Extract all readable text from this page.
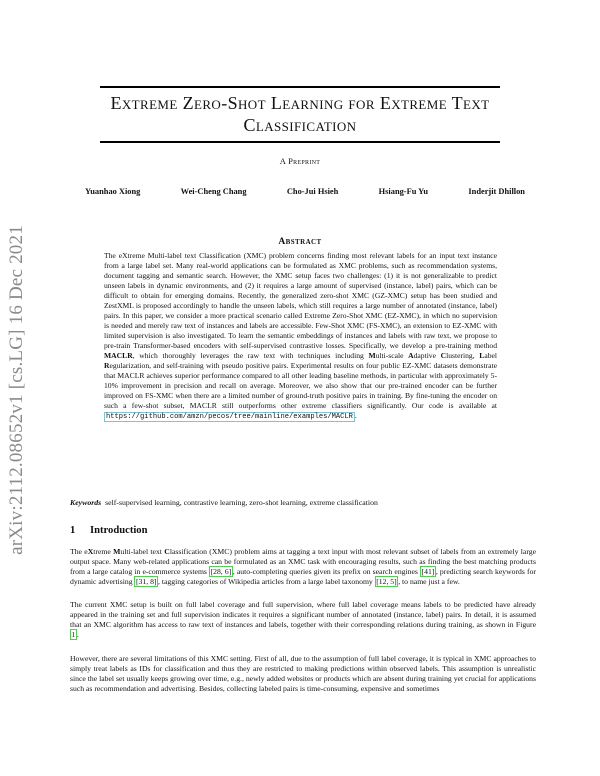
arXiv:2112.08652v1 [cs.LG] 16 Dec 2021
Extreme Zero-Shot Learning for Extreme Text
Classification
A Preprint
Yuanhao Xiong	Wei-Cheng Chang	Cho-Jui Hsieh	Hsiang-Fu Yu	Inderjit Dhillon
Abstract
The eXtreme Multi-label text Classification (XMC) problem concerns finding most relevant labels for an input text instance from a large label set. Many real-world applications can be formulated as XMC problems, such as recommendation systems, document tagging and semantic search. However, the XMC setup faces two challenges: (1) it is not generalizable to predict unseen labels in dynamic environments, and (2) it requires a large amount of supervised (instance, label) pairs, which can be difficult to obtain for emerging domains. Recently, the generalized zero-shot XMC (GZ-XMC) setup has been studied and ZestXML is proposed accordingly to handle the unseen labels, which still requires a large number of annotated (instance, label) pairs. In this paper, we consider a more practical scenario called Extreme Zero-Shot XMC (EZ-XMC), in which no supervision is needed and merely raw text of instances and labels are accessible. Few-Shot XMC (FS-XMC), an extension to EZ-XMC with limited supervision is also investigated. To learn the semantic embeddings of instances and labels with raw text, we propose to pre-train Transformer-based encoders with self-supervised contrastive losses. Specifically, we develop a pre-training method MACLR, which thoroughly leverages the raw text with techniques including Multi-scale Adaptive Clustering, Label Regularization, and self-training with pseudo positive pairs. Experimental results on four public EZ-XMC datasets demonstrate that MACLR achieves superior performance compared to all other leading baseline methods, in particular with approximately 5-10% improvement in precision and recall on average. Moreover, we also show that our pre-trained encoder can be further improved on FS-XMC when there are a limited number of ground-truth positive pairs in training. By fine-tuning the encoder on such a few-shot subset, MACLR still outperforms other extreme classifiers significantly. Our code is available at https://github.com/amzn/pecos/tree/mainline/examples/MACLR .
Keywords self-supervised learning, contrastive learning, zero-shot learning, extreme classification
1 Introduction
The eXtreme Multi-label text Classification (XMC) problem aims at tagging a text input with most relevant subset of labels from an extremely large output space. Many web-related applications can be formulated as an XMC task with encouraging results, such as finding the best matching products from a large catalog in e-commerce systems [28, 6] , auto-completing queries given its prefix on search engines [41] , predicting search keywords for dynamic advertising [31, 8] , tagging categories of Wikipedia articles from a large label taxonomy [12, 5] , to name just a few.
The current XMC setup is built on full label coverage and full supervision, where full label coverage means labels to be predicted have already appeared in the training set and full supervision indicates it requires a significant number of annotated (instance, label) pairs. In detail, it is assumed that an XMC algorithm has access to raw text of instances and labels, together with their corresponding relations during training, as shown in Figure 1 .
However, there are several limitations of this XMC setting. First of all, due to the assumption of full label coverage, it is typical in XMC approaches to simply treat labels as IDs for classification and thus they are restricted to making predictions within observed labels. This assumption is unrealistic since the label set usually keeps growing over time, e.g., newly added websites or products which are absent during training yet crucial for applications such as recommendation and advertising. Besides, collecting labeled pairs is time-consuming, expensive and sometimes
